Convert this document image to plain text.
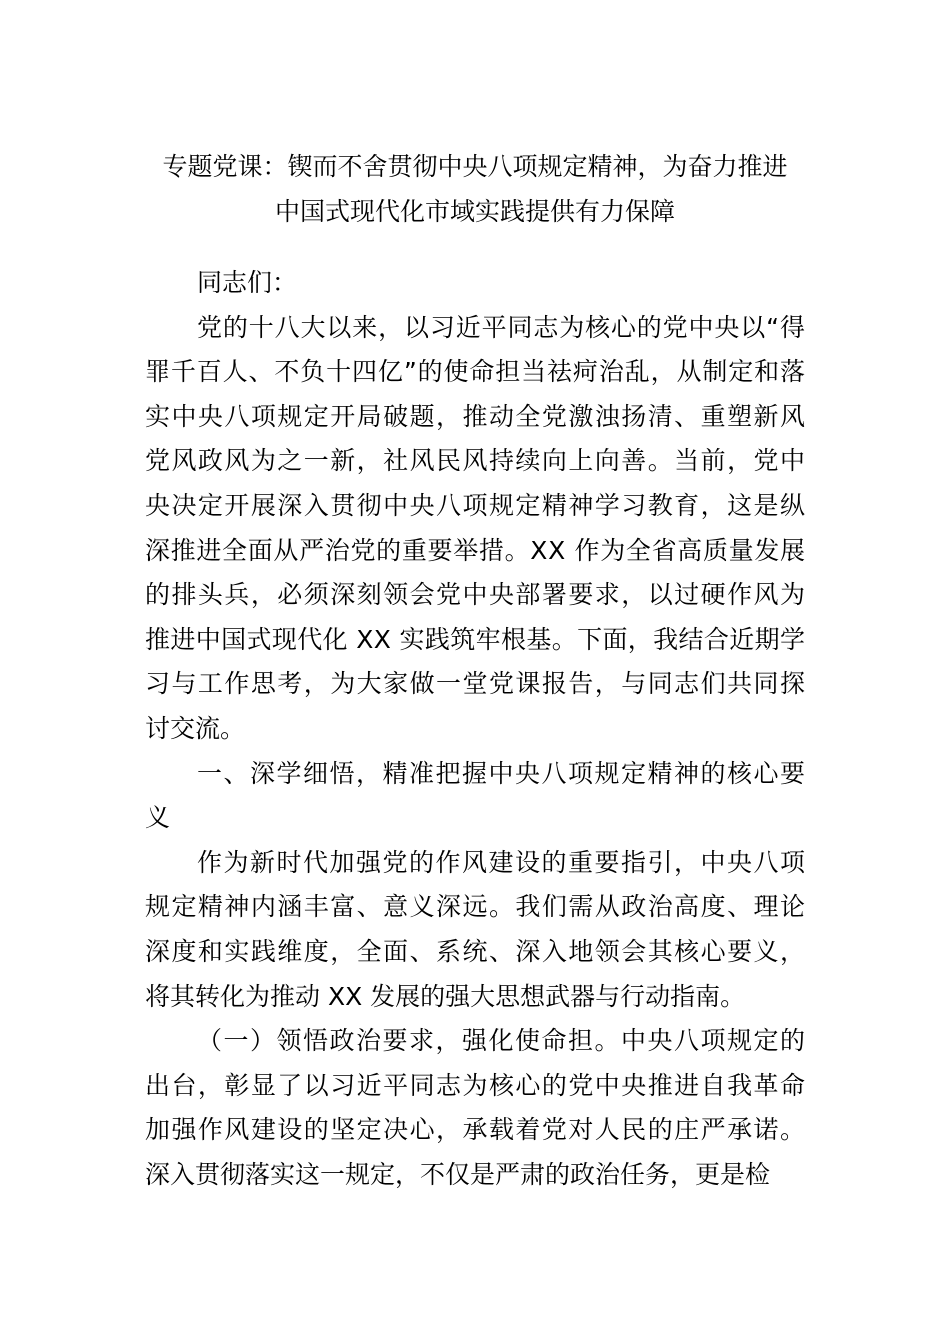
专题党课：锲而不舍贯彻中央八项规定精神，为奋力推进
中国式现代化市域实践提供有力保障
同志们：
党的十八大以来，以习近平同志为核心的党中央以“得
罪千百人、不负十四亿”的使命担当祛疴治乱，从制定和落
实中央八项规定开局破题，推动全党激浊扬清、重塑新风
党风政风为之一新，社风民风持续向上向善。当前，党中
央决定开展深入贯彻中央八项规定精神学习教育，这是纵
深推进全面从严治党的重要举措。XX 作为全省高质量发展
的排头兵，必须深刻领会党中央部署要求，以过硬作风为
推进中国式现代化 XX 实践筑牢根基。下面，我结合近期学
习与工作思考，为大家做一堂党课报告，与同志们共同探
讨交流。
一、深学细悟，精准把握中央八项规定精神的核心要
义
作为新时代加强党的作风建设的重要指引，中央八项
规定精神内涵丰富、意义深远。我们需从政治高度、理论
深度和实践维度，全面、系统、深入地领会其核心要义，
将其转化为推动 XX 发展的强大思想武器与行动指南。
（一）领悟政治要求，强化使命担。中央八项规定的
出台，彰显了以习近平同志为核心的党中央推进自我革命
加强作风建设的坚定决心，承载着党对人民的庄严承诺。
深入贯彻落实这一规定，不仅是严肃的政治任务，更是检
